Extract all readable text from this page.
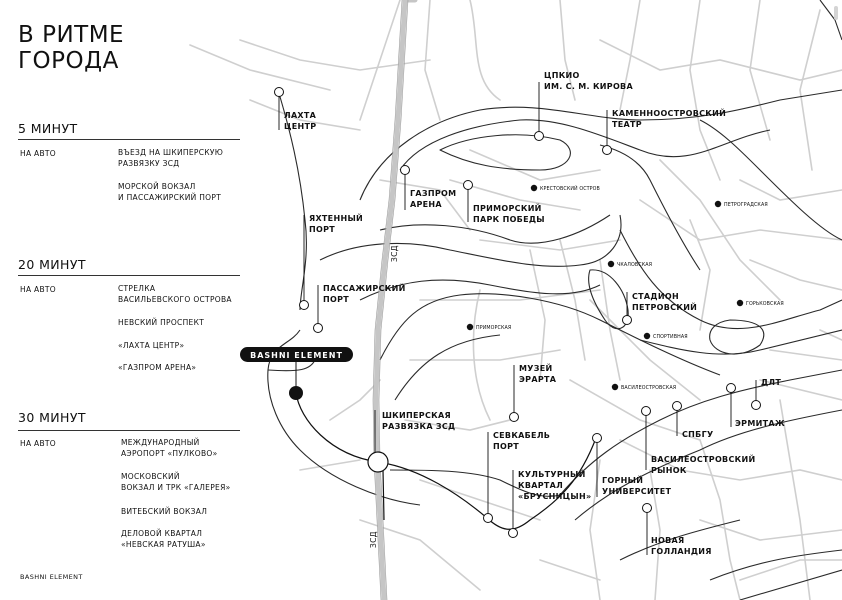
BASHNI ELEMENT
КРЕСТОВСКИЙ ОСТРОВ
ПЕТРОГРАДСКАЯ
ЧКАЛОВСКАЯ
ГОРЬКОВСКАЯ
СПОРТИВНАЯ
ПРИМОРСКАЯ
ВАСИЛЕОСТРОВСКАЯ
ЗСД
ЗСД
ЛАХТА ЦЕНТР
ЦПКИО ИМ. С. М. КИРОВА
КАМЕННООСТРОВСКИЙ ТЕАТР
ГАЗПРОМ АРЕНА	ПРИМОРСКИЙ ПАРК ПОБЕДЫ
ЯХТЕННЫЙ ПОРТ
ПАССАЖИРСКИЙ ПОРТ	СТАДИОН ПЕТРОВСКИЙ
МУЗЕЙ ЭРАРТА
ШКИПЕРСКАЯ РАЗВЯЗКА ЗСД
СЕВКАБЕЛЬ ПОРТ
КУЛЬТУРНЫЙ КВАРТАЛ «БРУСНИЦЫН»
ГОРНЫЙ УНИВЕРСИТЕТ
ВАСИЛЕОСТРОВСКИЙ РЫНОК
СПБГУ
ДЛТ
ЭРМИТАЖ
НОВАЯ ГОЛЛАНДИЯ
В РИТМЕ
ГОРОДА
5 МИНУТ
НА АВТО	ВЪЕЗД НА ШКИПЕРСКУЮ
РАЗВЯЗКУ ЗСД
МОРСКОЙ ВОКЗАЛ
И ПАССАЖИРСКИЙ ПОРТ
20 МИНУТ
НА АВТО	СТРЕЛКА
ВАСИЛЬЕВСКОГО ОСТРОВА
НЕВСКИЙ ПРОСПЕКТ
«ЛАХТА ЦЕНТР»
«ГАЗПРОМ АРЕНА»
30 МИНУТ
НА АВТО	МЕЖДУНАРОДНЫЙ
АЭРОПОРТ «ПУЛКОВО»
МОСКОВСКИЙ
ВОКЗАЛ И ТРК «ГАЛЕРЕЯ»
ВИТЕБСКИЙ ВОКЗАЛ
ДЕЛОВОЙ КВАРТАЛ
«НЕВСКАЯ РАТУША»
BASHNI ELEMENT
